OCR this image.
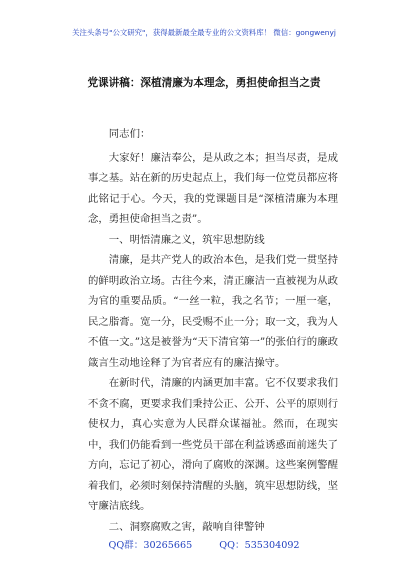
关注头条号"公文研究"，获得最新最全最专业的公文资料库！ 微信：gongwenyj
党课讲稿：深植清廉为本理念，勇担使命担当之责

同志们：

大家好！廉洁奉公，是从政之本；担当尽责，是成事之基。站在新的历史起点上，我们每一位党员都应将此铭记于心。今天，我的党课题目是“深植清廉为本理念，勇担使命担当之责”。

一、明悟清廉之义，筑牢思想防线

清廉，是共产党人的政治本色，是我们党一贯坚持的鲜明政治立场。古往今来，清正廉洁一直被视为从政为官的重要品质。“一丝一粒，我之名节；一厘一毫，民之脂膏。宽一分，民受赐不止一分；取一文，我为人不值一文。”这是被誉为“天下清官第一”的张伯行的廉政箴言生动地诠释了为官者应有的廉洁操守。

在新时代，清廉的内涵更加丰富。它不仅要求我们不贪不腐，更要求我们秉持公正、公开、公平的原则行使权力，真心实意为人民群众谋福祉。然而，在现实中，我们仍能看到一些党员干部在利益诱惑面前迷失了方向，忘记了初心，滑向了腐败的深渊。这些案例警醒着我们，必须时刻保持清醒的头脑，筑牢思想防线，坚守廉洁底线。

二、洞察腐败之害，敲响自律警钟

QQ群：30265665	QQ：535304092
